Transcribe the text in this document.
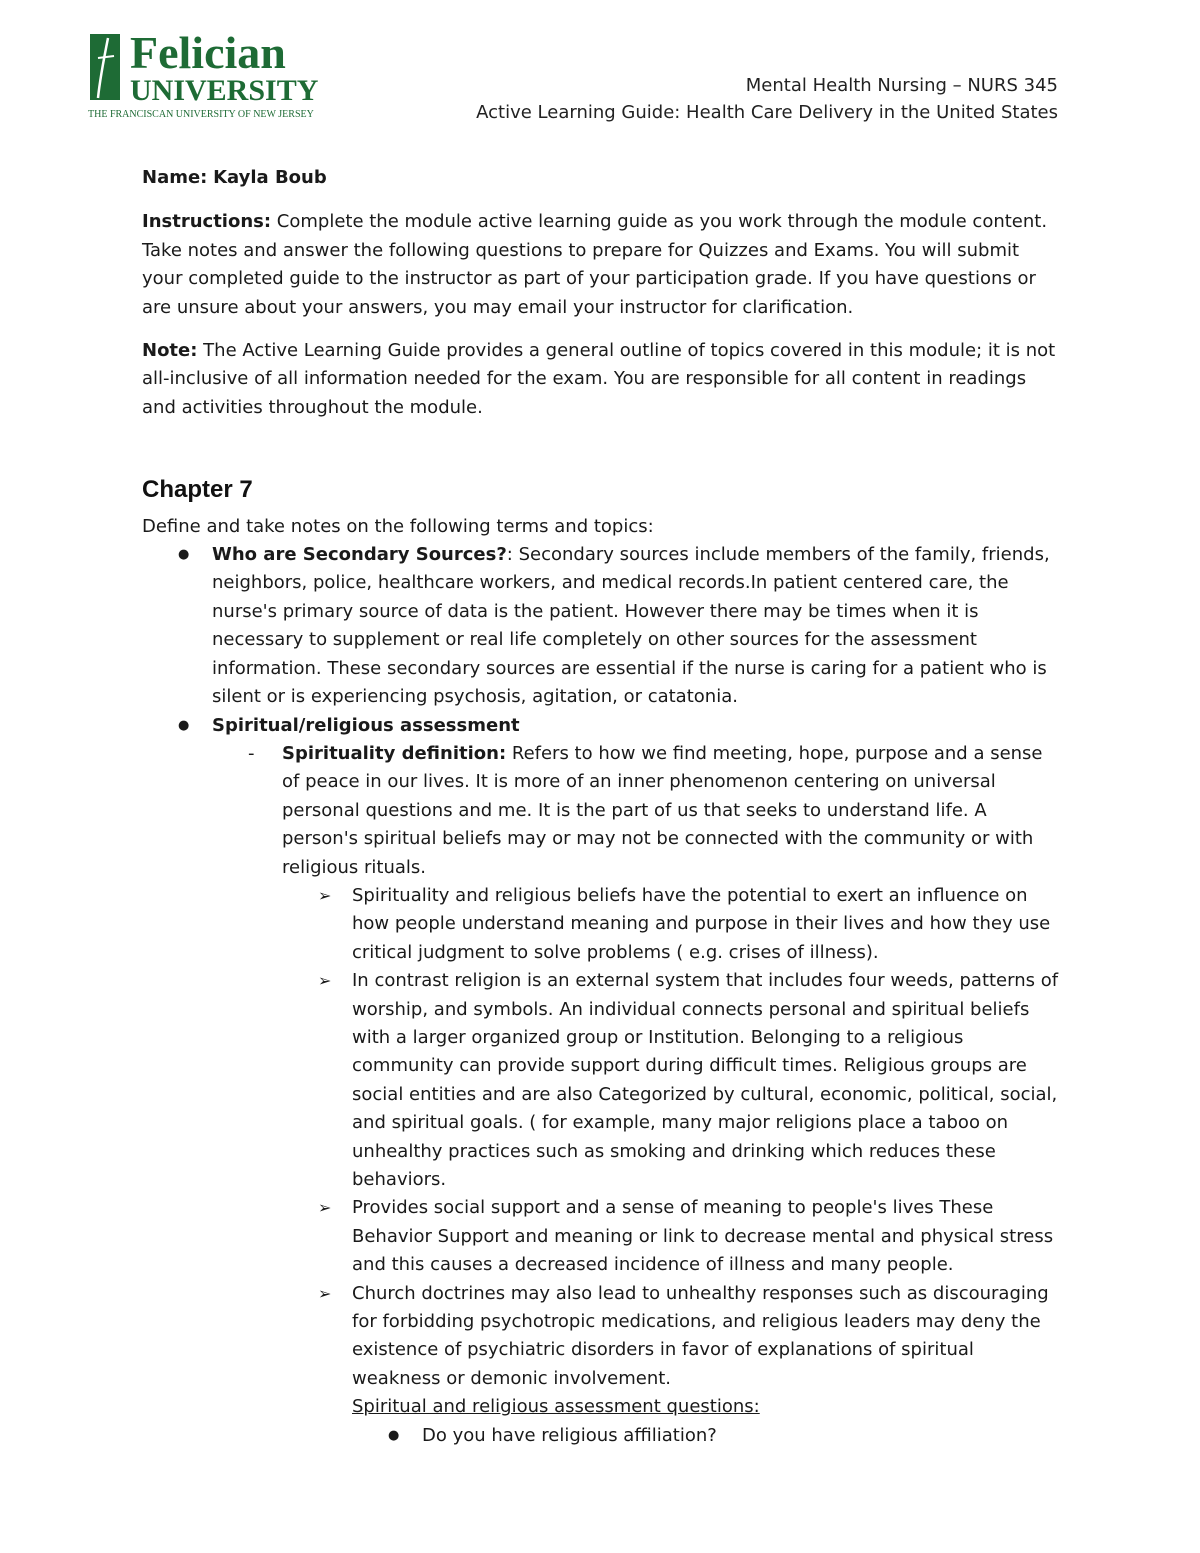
Felician
UNIVERSITY
THE FRANCISCAN UNIVERSITY OF NEW JERSEY
Mental Health Nursing – NURS 345
Active Learning Guide: Health Care Delivery in the United States

Name: Kayla Boub

Instructions: Complete the module active learning guide as you work through the module content. Take notes and answer the following questions to prepare for Quizzes and Exams. You will submit your completed guide to the instructor as part of your participation grade. If you have questions or are unsure about your answers, you may email your instructor for clarification.

Note: The Active Learning Guide provides a general outline of topics covered in this module; it is not all-inclusive of all information needed for the exam. You are responsible for all content in readings and activities throughout the module.

Chapter 7

Define and take notes on the following terms and topics:

● Who are Secondary Sources?: Secondary sources include members of the family, friends, neighbors, police, healthcare workers, and medical records.In patient centered care, the nurse's primary source of data is the patient. However there may be times when it is necessary to supplement or real life completely on other sources for the assessment information. These secondary sources are essential if the nurse is caring for a patient who is silent or is experiencing psychosis, agitation, or catatonia.
● Spiritual/religious assessment
- Spirituality definition: Refers to how we find meeting, hope, purpose and a sense of peace in our lives. It is more of an inner phenomenon centering on universal personal questions and me. It is the part of us that seeks to understand life. A person's spiritual beliefs may or may not be connected with the community or with religious rituals.
➢ Spirituality and religious beliefs have the potential to exert an influence on how people understand meaning and purpose in their lives and how they use critical judgment to solve problems ( e.g. crises of illness).
➢ In contrast religion is an external system that includes four weeds, patterns of worship, and symbols. An individual connects personal and spiritual beliefs with a larger organized group or Institution. Belonging to a religious community can provide support during difficult times. Religious groups are social entities and are also Categorized by cultural, economic, political, social, and spiritual goals. ( for example, many major religions place a taboo on unhealthy practices such as smoking and drinking which reduces these behaviors.
➢ Provides social support and a sense of meaning to people's lives These Behavior Support and meaning or link to decrease mental and physical stress and this causes a decreased incidence of illness and many people.
➢ Church doctrines may also lead to unhealthy responses such as discouraging for forbidding psychotropic medications, and religious leaders may deny the existence of psychiatric disorders in favor of explanations of spiritual weakness or demonic involvement.
Spiritual and religious assessment questions:
● Do you have religious affiliation?
